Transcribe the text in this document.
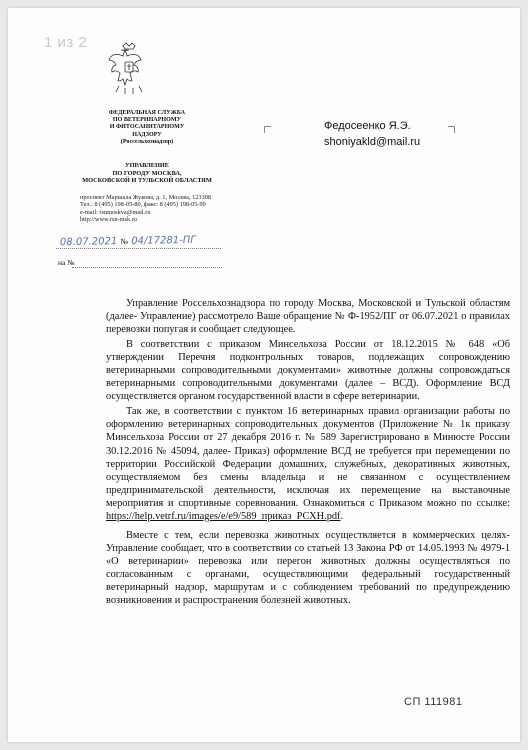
1 из 2
ФЕДЕРАЛЬНАЯ СЛУЖБА
ПО ВЕТЕРИНАРНОМУ
И ФИТОСАНИТАРНОМУ
НАДЗОРУ
(Россельхознадзор)
УПРАВЛЕНИЕ
ПО ГОРОДУ МОСКВА,
МОСКОВСКОЙ И ТУЛЬСКОЙ ОБЛАСТЯМ
проспект Маршала Жукова, д. 1, Москва, 123308
Тел.: 8 (495) 198-05-80, факс: 8 (495) 198-05-99
e-mail: rsnmoskva@mail.ru
http://www.rsn-msk.ru
08.07.2021 № 04/17281-ПГ
на №
Федосеенко Я.Э.
shoniyakld@mail.ru

Управление Россельхознадзора по городу Москва, Московской и Тульской областям (далее- Управление) рассмотрело Ваше обращение № Ф-1952/ПГ от 06.07.2021 о правилах перевозки попугая и сообщает следующее.

В соответствии с приказом Минсельхоза России от 18.12.2015 № 648 «Об утверждении Перечня подконтрольных товаров, подлежащих сопровождению ветеринарными сопроводительными документами» животные должны сопровождаться ветеринарными сопроводительными документами (далее – ВСД). Оформление ВСД осуществляется органом государственной власти в сфере ветеринарии.

Так же, в соответствии с пунктом 16 ветеринарных правил организации работы по оформлению ветеринарных сопроводительных документов (Приложение № 1к приказу Минсельхоза России от 27 декабря 2016 г. № 589 Зарегистрировано в Минюсте России 30.12.2016 № 45094, далее- Приказ) оформление ВСД не требуется при перемещении по территории Российской Федерации домашних, служебных, декоративных животных, осуществляемом без смены владельца и не связанном с осуществлением предпринимательской деятельности, исключая их перемещение на выставочные мероприятия и спортивные соревнования. Ознакомиться с Приказом можно по ссылке: https://help.vetrf.ru/images/e/e9/589_приказ_РСХН.pdf.

Вместе с тем, если перевозка животных осуществляется в коммерческих целях- Управление сообщает, что в соответствии со статьей 13 Закона РФ от 14.05.1993 № 4979-1 «О ветеринарии» перевозка или перегон животных должны осуществляться по согласованным с органами, осуществляющими федеральный государственный ветеринарный надзор, маршрутам и с соблюдением требований по предупреждению возникновения и распространения болезней животных.

СП 111981
